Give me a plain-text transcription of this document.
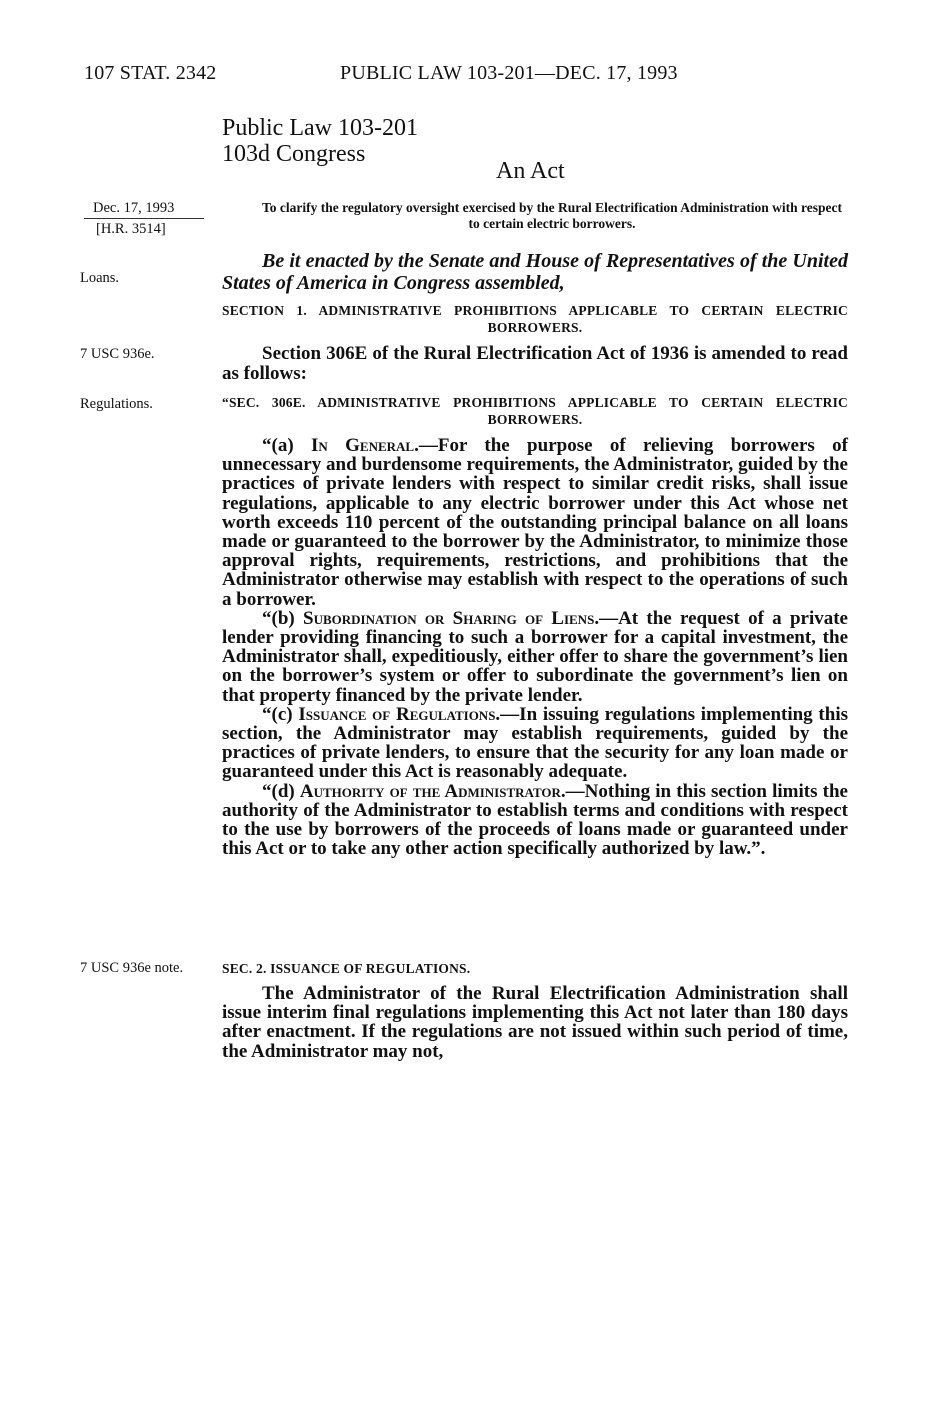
107 STAT. 2342	PUBLIC LAW 103-201—DEC. 17, 1993
Public Law 103-201
103d Congress
An Act
Dec. 17, 1993
[H.R. 3514]
Loans.
7 USC 936e.
Regulations.
7 USC 936e note.
To clarify the regulatory oversight exercised by the Rural Electrification Administration with respect to certain electric borrowers.
Be it enacted by the Senate and House of Representatives of the United States of America in Congress assembled,
SECTION 1. ADMINISTRATIVE PROHIBITIONS APPLICABLE TO CERTAIN ELECTRIC BORROWERS.

Section 306E of the Rural Electrification Act of 1936 is amended to read as follows:

“SEC. 306E. ADMINISTRATIVE PROHIBITIONS APPLICABLE TO CERTAIN ELECTRIC BORROWERS.

“(a) In General.—For the purpose of relieving borrowers of unnecessary and burdensome requirements, the Administrator, guided by the practices of private lenders with respect to similar credit risks, shall issue regulations, applicable to any electric borrower under this Act whose net worth exceeds 110 percent of the outstanding principal balance on all loans made or guaranteed to the borrower by the Administrator, to minimize those approval rights, requirements, restrictions, and prohibitions that the Administrator otherwise may establish with respect to the operations of such a borrower.

“(b) Subordination or Sharing of Liens.—At the request of a private lender providing financing to such a borrower for a capital investment, the Administrator shall, expeditiously, either offer to share the government’s lien on the borrower’s system or offer to subordinate the government’s lien on that property financed by the private lender.

“(c) Issuance of Regulations.—In issuing regulations implementing this section, the Administrator may establish requirements, guided by the practices of private lenders, to ensure that the security for any loan made or guaranteed under this Act is reasonably adequate.

“(d) Authority of the Administrator.—Nothing in this section limits the authority of the Administrator to establish terms and conditions with respect to the use by borrowers of the proceeds of loans made or guaranteed under this Act or to take any other action specifically authorized by law.”.

SEC. 2. ISSUANCE OF REGULATIONS.

The Administrator of the Rural Electrification Administration shall issue interim final regulations implementing this Act not later than 180 days after enactment. If the regulations are not issued within such period of time, the Administrator may not,
